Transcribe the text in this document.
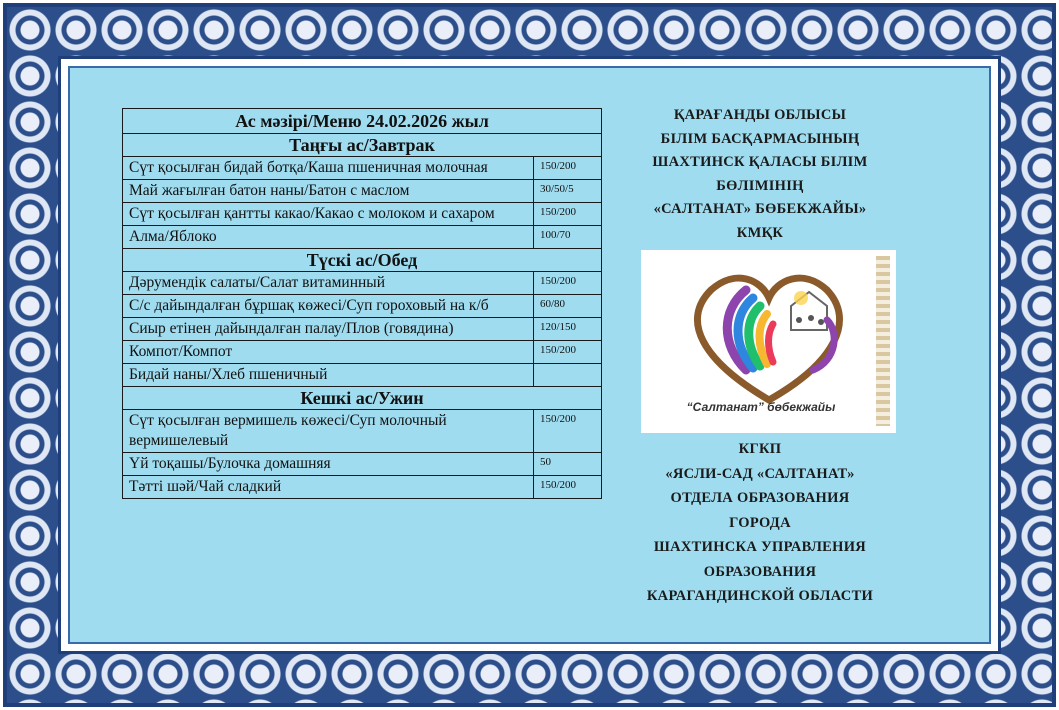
Ас мәзірі/Меню 24.02.2026 жыл	
Таңғы ас/Завтрак	
Сүт қосылған бидай ботқа/Каша пшеничная молочная	150/200
Май жағылған батон наны/Батон с маслом	30/50/5
Сүт қосылған қантты какао/Какао с молоком и сахаром	150/200
Алма/Яблоко	100/70
Түскі ас/Обед	
Дәрумендік салаты/Салат витаминный	150/200
С/с дайындалған бұршақ көжесі/Суп гороховый на к/б	60/80
Сиыр етінен дайындалған палау/Плов (говядина)	120/150
Компот/Компот	150/200
Бидай наны/Хлеб пшеничный	
Кешкі ас/Ужин	
Сүт қосылған вермишель көжесі/Суп молочный вермишелевый	150/200
Үй тоқашы/Булочка домашняя	50
Тәтті шәй/Чай сладкий	150/200
ҚАРАҒАНДЫ ОБЛЫСЫ
БІЛІМ БАСҚАРМАСЫНЫҢ
ШАХТИНСК ҚАЛАСЫ БІЛІМ
БӨЛІМІНІҢ
«САЛТАНАТ» БӨБЕКЖАЙЫ»
КМҚК
“Салтанат” бөбекжайы
КГКП
«ЯСЛИ-САД «САЛТАНАТ»
ОТДЕЛА ОБРАЗОВАНИЯ
ГОРОДА
ШАХТИНСКА УПРАВЛЕНИЯ
ОБРАЗОВАНИЯ
КАРАГАНДИНСКОЙ ОБЛАСТИ
